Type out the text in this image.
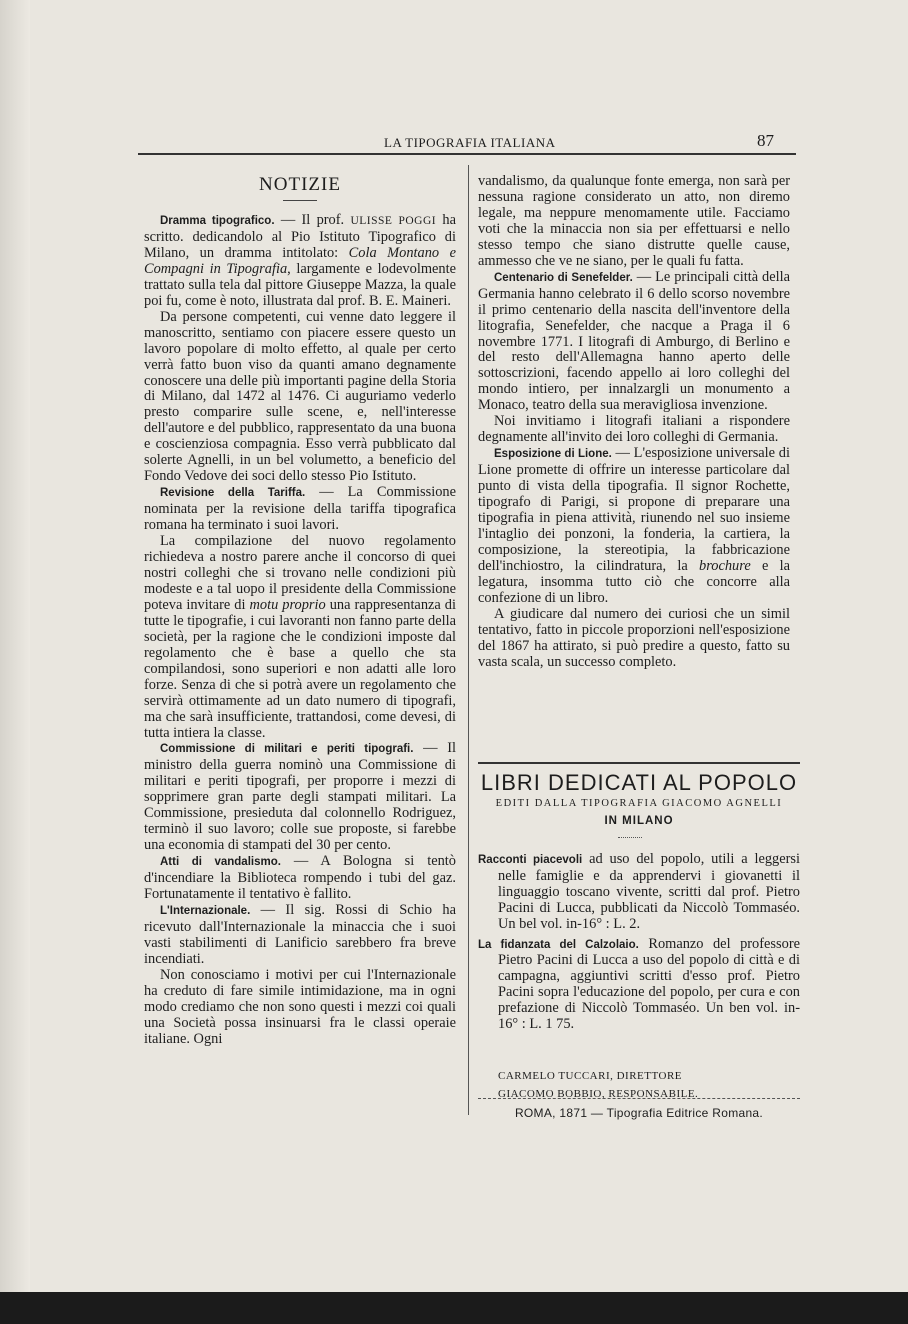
LA TIPOGRAFIA ITALIANA	87
NOTIZIE

Dramma tipografico. — Il prof. ULISSE POGGI ha scritto. dedicandolo al Pio Istituto Tipografico di Milano, un dramma intitolato: Cola Montano e Compagni in Tipografia, largamente e lodevolmente trattato sulla tela dal pittore Giuseppe Mazza, la quale poi fu, come è noto, illustrata dal prof. B. E. Maineri.

Da persone competenti, cui venne dato leggere il manoscritto, sentiamo con piacere essere questo un lavoro popolare di molto effetto, al quale per certo verrà fatto buon viso da quanti amano degnamente conoscere una delle più importanti pagine della Storia di Milano, dal 1472 al 1476. Ci auguriamo vederlo presto comparire sulle scene, e, nell'interesse dell'autore e del pubblico, rappresentato da una buona e coscienziosa compagnia. Esso verrà pubblicato dal solerte Agnelli, in un bel volumetto, a beneficio del Fondo Vedove dei soci dello stesso Pio Istituto.

Revisione della Tariffa. — La Commissione nominata per la revisione della tariffa tipografica romana ha terminato i suoi lavori.

La compilazione del nuovo regolamento richiedeva a nostro parere anche il concorso di quei nostri colleghi che si trovano nelle condizioni più modeste e a tal uopo il presidente della Commissione poteva invitare di motu proprio una rappresentanza di tutte le tipografie, i cui lavoranti non fanno parte della società, per la ragione che le condizioni imposte dal regolamento che è base a quello che sta compilandosi, sono superiori e non adatti alle loro forze. Senza di che si potrà avere un regolamento che servirà ottimamente ad un dato numero di tipografi, ma che sarà insufficiente, trattandosi, come devesi, di tutta intiera la classe.

Commissione di militari e periti tipografi. — Il ministro della guerra nominò una Commissione di militari e periti tipografi, per proporre i mezzi di sopprimere gran parte degli stampati militari. La Commissione, presieduta dal colonnello Rodriguez, terminò il suo lavoro; colle sue proposte, si farebbe una economia di stampati del 30 per cento.

Atti di vandalismo. — A Bologna si tentò d'incendiare la Biblioteca rompendo i tubi del gaz. Fortunatamente il tentativo è fallito.

L'Internazionale. — Il sig. Rossi di Schio ha ricevuto dall'Internazionale la minaccia che i suoi vasti stabilimenti di Lanificio sarebbero fra breve incendiati.

Non conosciamo i motivi per cui l'Internazionale ha creduto di fare simile intimidazione, ma in ogni modo crediamo che non sono questi i mezzi coi quali una Società possa insinuarsi fra le classi operaie italiane. Ogni

vandalismo, da qualunque fonte emerga, non sarà per nessuna ragione considerato un atto, non diremo legale, ma neppure menomamente utile. Facciamo voti che la minaccia non sia per effettuarsi e nello stesso tempo che siano distrutte quelle cause, ammesso che ve ne siano, per le quali fu fatta.

Centenario di Senefelder. — Le principali città della Germania hanno celebrato il 6 dello scorso novembre il primo centenario della nascita dell'inventore della litografia, Senefelder, che nacque a Praga il 6 novembre 1771. I litografi di Amburgo, di Berlino e del resto dell'Allemagna hanno aperto delle sottoscrizioni, facendo appello ai loro colleghi del mondo intiero, per innalzargli un monumento a Monaco, teatro della sua meravigliosa invenzione.

Noi invitiamo i litografi italiani a rispondere degnamente all'invito dei loro colleghi di Germania.

Esposizione di Lione. — L'esposizione universale di Lione promette di offrire un interesse particolare dal punto di vista della tipografia. Il signor Rochette, tipografo di Parigi, si propone di preparare una tipografia in piena attività, riunendo nel suo insieme l'intaglio dei ponzoni, la fonderia, la cartiera, la composizione, la stereotipia, la fabbricazione dell'inchiostro, la cilindratura, la brochure e la legatura, insomma tutto ciò che concorre alla confezione di un libro.

A giudicare dal numero dei curiosi che un simil tentativo, fatto in piccole proporzioni nell'esposizione del 1867 ha attirato, si può predire a questo, fatto su vasta scala, un successo completo.

LIBRI DEDICATI AL POPOLO
EDITI DALLA TIPOGRAFIA GIACOMO AGNELLI
IN MILANO

Racconti piacevoli ad uso del popolo, utili a leggersi nelle famiglie e da apprendervi i giovanetti il linguaggio toscano vivente, scritti dal prof. Pietro Pacini di Lucca, pubblicati da Niccolò Tommaséo. Un bel vol. in-16° : L. 2.

La fidanzata del Calzolaio. Romanzo del professore Pietro Pacini di Lucca a uso del popolo di città e di campagna, aggiuntivi scritti d'esso prof. Pietro Pacini sopra l'educazione del popolo, per cura e con prefazione di Niccolò Tommaséo. Un ben vol. in-16° : L. 1 75.

CARMELO TUCCARI, DIRETTORE
GIACOMO BOBBIO, RESPONSABILE.
ROMA, 1871 — Tipografia Editrice Romana.
